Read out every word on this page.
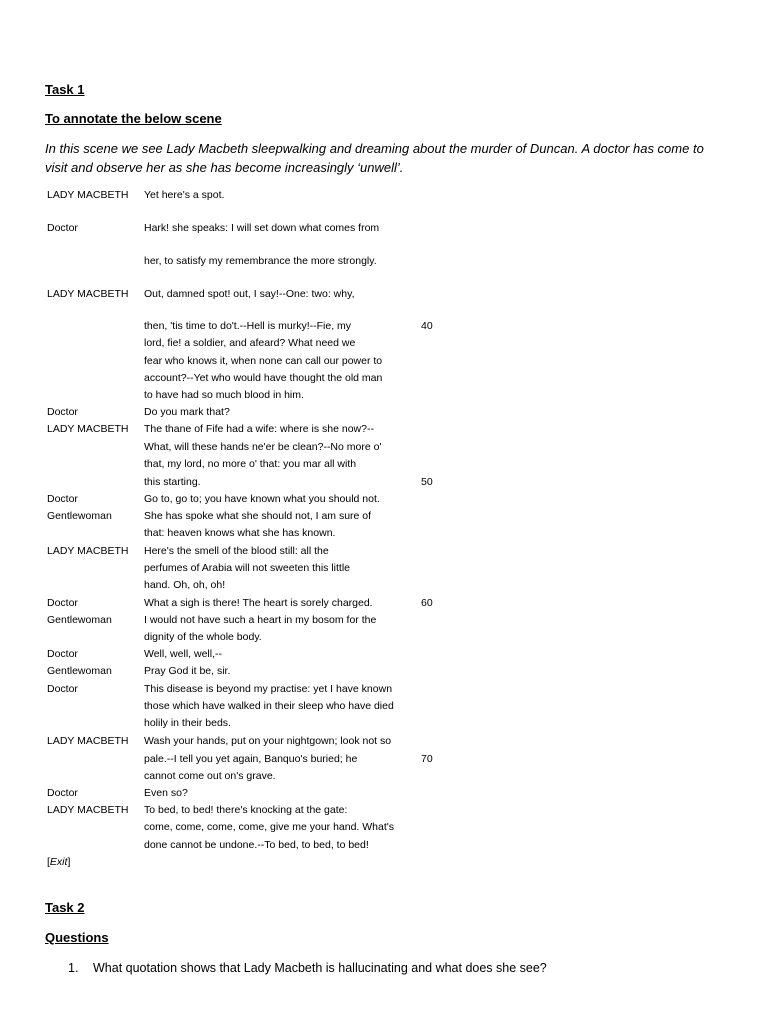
Task 1
To annotate the below scene
In this scene we see Lady Macbeth sleepwalking and dreaming about the murder of Duncan. A doctor has come to visit and observe her as she has become increasingly ‘unwell’.
LADY MACBETH Yet here's a spot.
Doctor	Hark! she speaks: I will set down what comes from
her, to satisfy my remembrance the more strongly.
LADY MACBETH Out, damned spot! out, I say!--One: two: why,
then, 'tis time to do't.--Hell is murky!--Fie, my	40
lord, fie! a soldier, and afeard? What need we
fear who knows it, when none can call our power to
account?--Yet who would have thought the old man
to have had so much blood in him.
Doctor	Do you mark that?
LADY MACBETH The thane of Fife had a wife: where is she now?--
What, will these hands ne'er be clean?--No more o'
that, my lord, no more o' that: you mar all with
this starting.	50
Doctor	Go to, go to; you have known what you should not.
Gentlewoman	She has spoke what she should not, I am sure of
that: heaven knows what she has known.
LADY MACBETH Here's the smell of the blood still: all the
perfumes of Arabia will not sweeten this little
hand. Oh, oh, oh!
Doctor	What a sigh is there! The heart is sorely charged.	60
Gentlewoman	I would not have such a heart in my bosom for the
dignity of the whole body.
Doctor	Well, well, well,--
Gentlewoman	Pray God it be, sir.
Doctor	This disease is beyond my practise: yet I have known
those which have walked in their sleep who have died
holily in their beds.
LADY MACBETH Wash your hands, put on your nightgown; look not so
pale.--I tell you yet again, Banquo's buried; he	70
cannot come out on's grave.
Doctor	Even so?
LADY MACBETH To bed, to bed! there's knocking at the gate:
come, come, come, come, give me your hand. What's
done cannot be undone.--To bed, to bed, to bed!
[Exit]
Task 2
Questions
1. What quotation shows that Lady Macbeth is hallucinating and what does she see?
